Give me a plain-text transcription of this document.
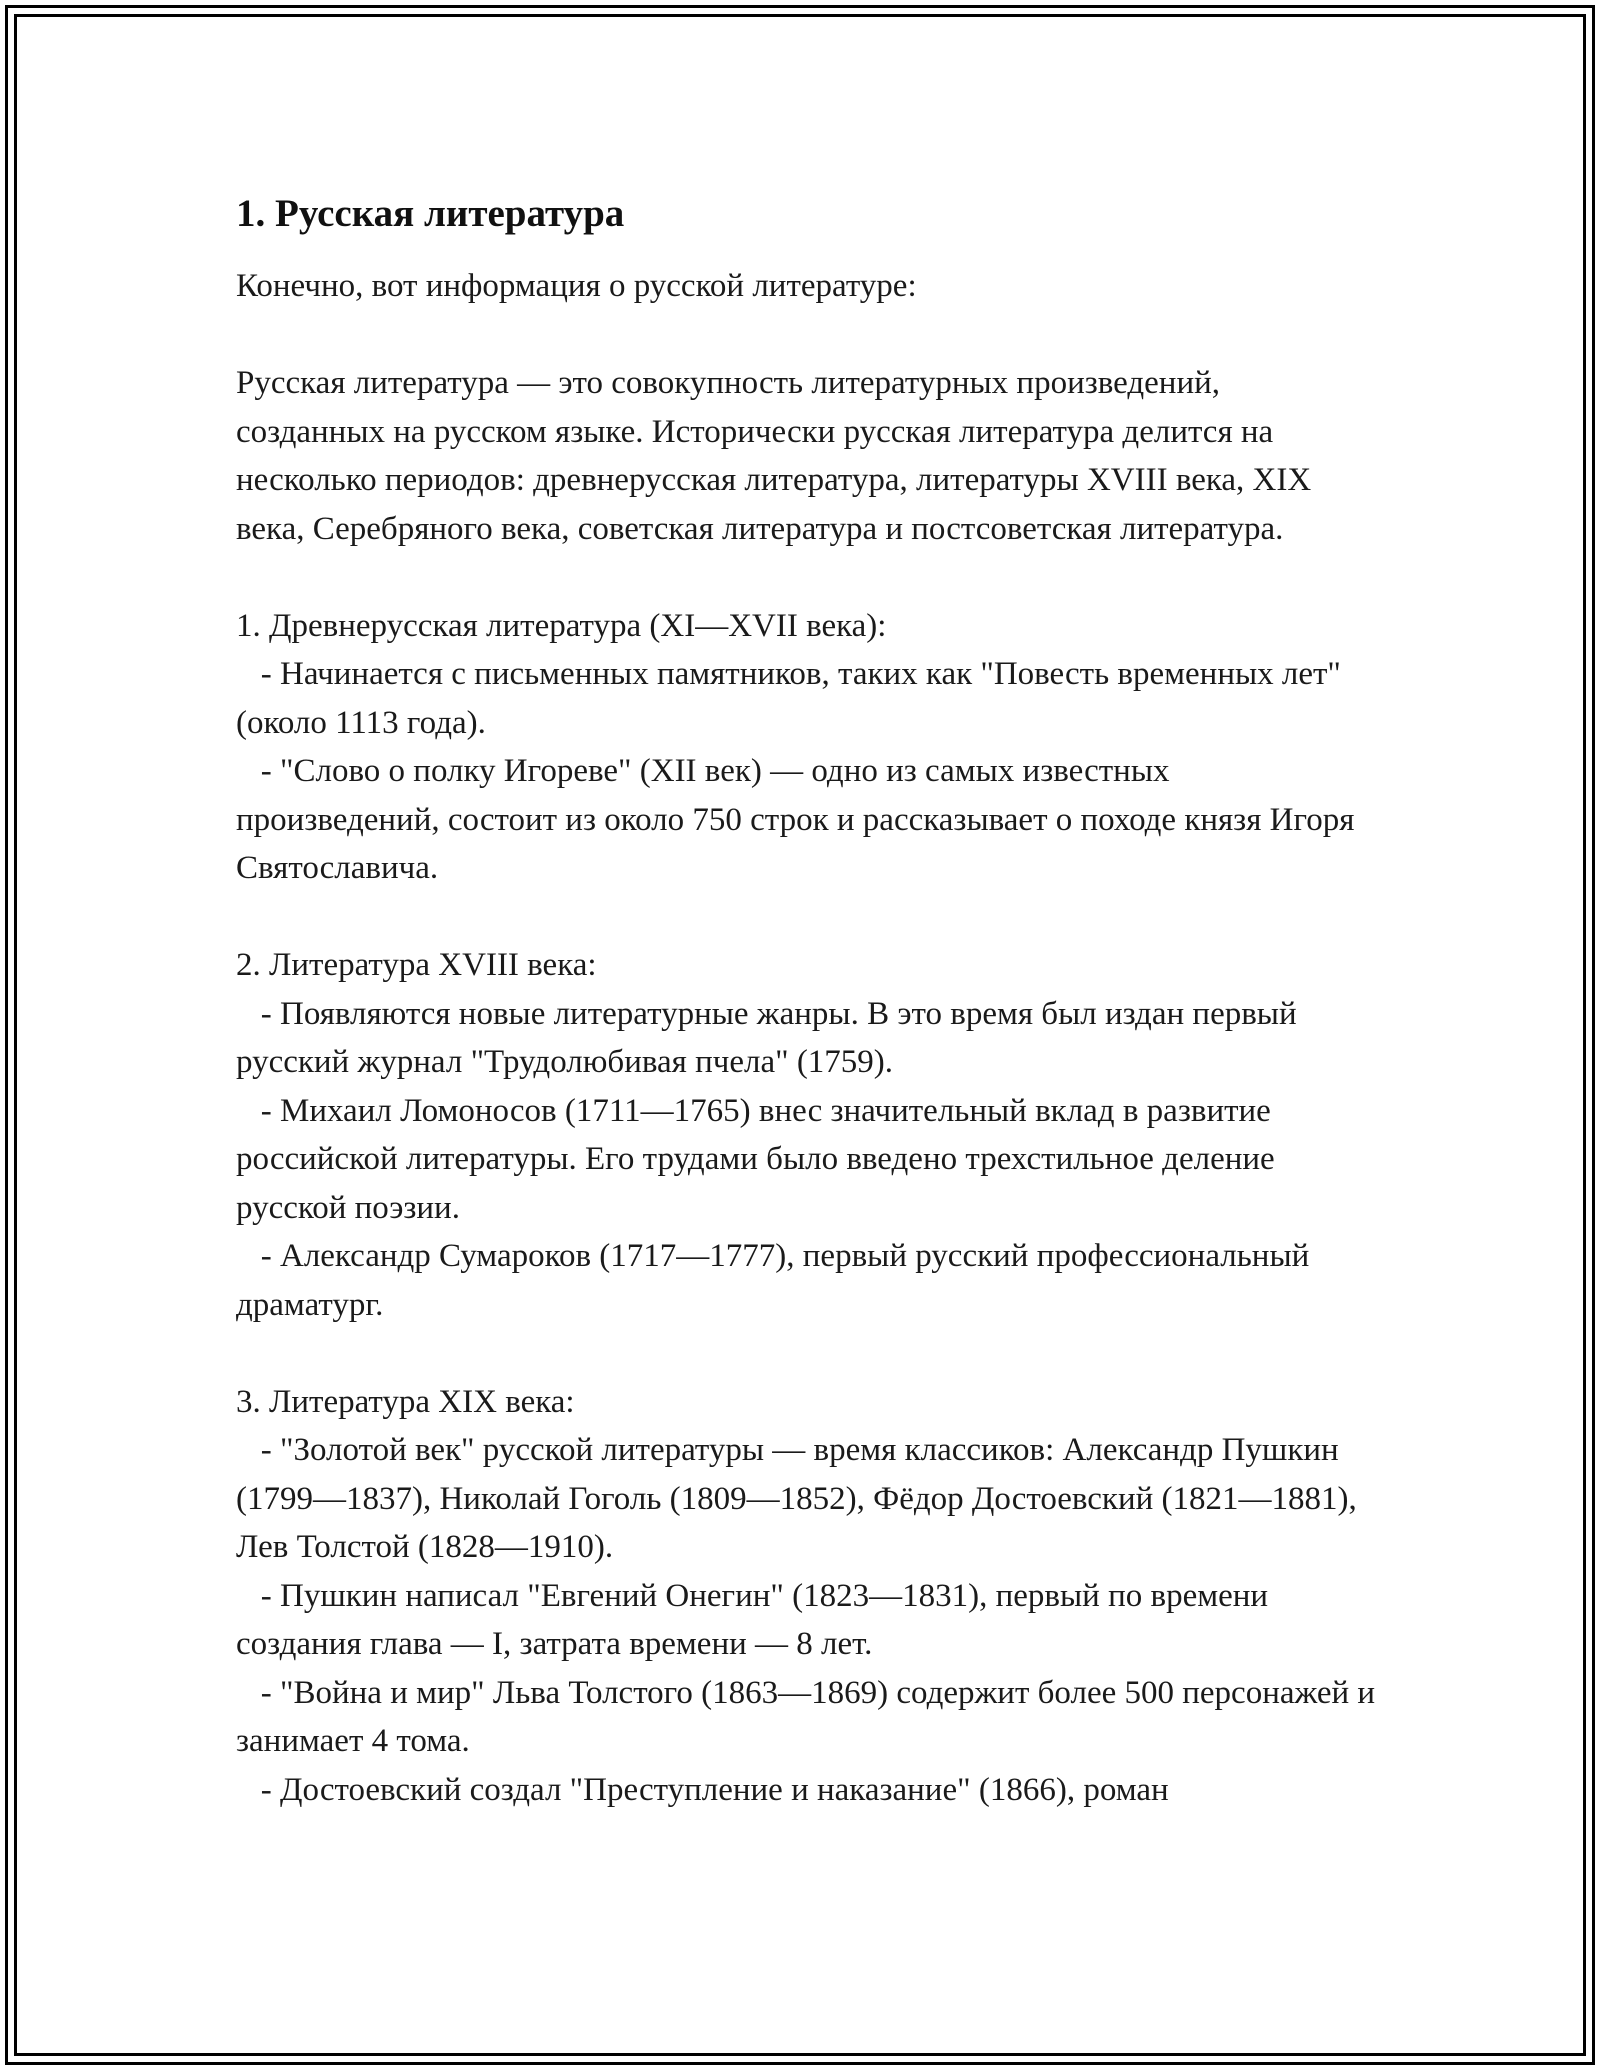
1. Русская литература

Конечно, вот информация о русской литературе:

Русская литература — это совокупность литературных произведений, созданных на русском языке. Исторически русская литература делится на несколько периодов: древнерусская литература, литературы XVIII века, XIX века, Серебряного века, советская литература и постсоветская литература.

1. Древнерусская литература (XI—XVII века):
- Начинается с письменных памятников, таких как "Повесть временных лет" (около 1113 года).
- "Слово о полку Игореве" (XII век) — одно из самых известных произведений, состоит из около 750 строк и рассказывает о походе князя Игоря Святославича.

2. Литература XVIII века:
- Появляются новые литературные жанры. В это время был издан первый русский журнал "Трудолюбивая пчела" (1759).
- Михаил Ломоносов (1711—1765) внес значительный вклад в развитие российской литературы. Его трудами было введено трехстильное деление русской поэзии.
- Александр Сумароков (1717—1777), первый русский профессиональный драматург.

3. Литература XIX века:
- "Золотой век" русской литературы — время классиков: Александр Пушкин (1799—1837), Николай Гоголь (1809—1852), Фёдор Достоевский (1821—1881), Лев Толстой (1828—1910).
- Пушкин написал "Евгений Онегин" (1823—1831), первый по времени создания глава — I, затрата времени — 8 лет.
- "Война и мир" Льва Толстого (1863—1869) содержит более 500 персонажей и занимает 4 тома.
- Достоевский создал "Преступление и наказание" (1866), роман
